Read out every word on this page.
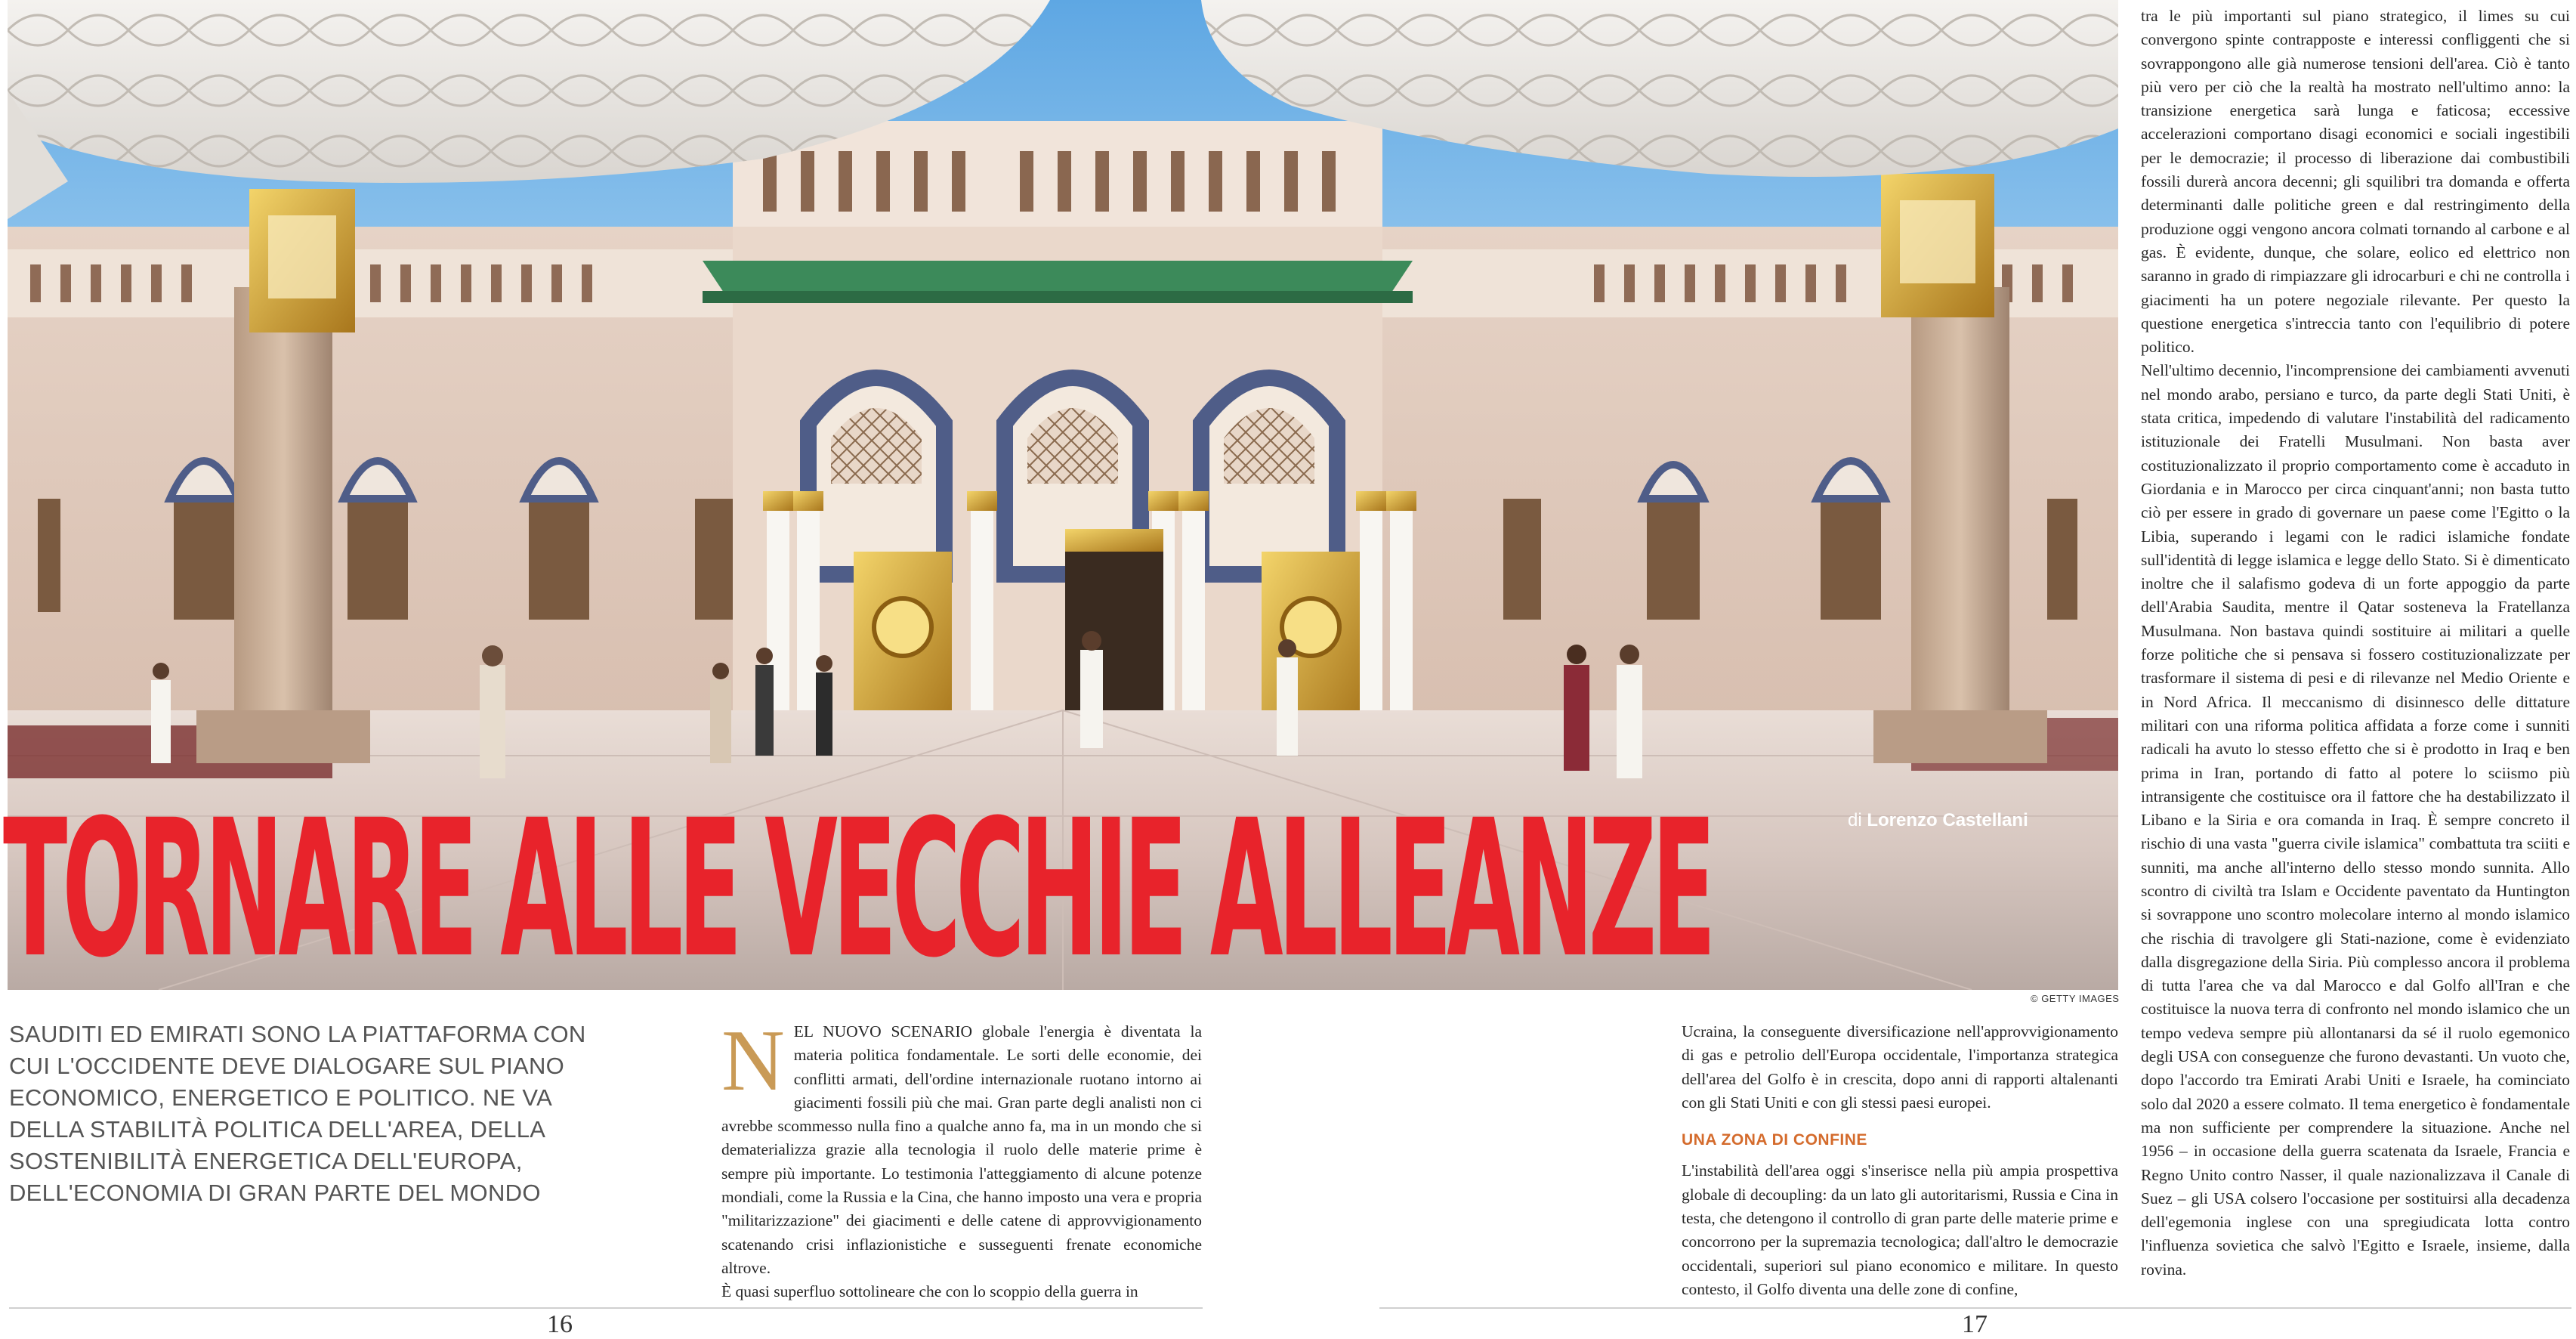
© GETTY IMAGES
TORNARE ALLE VECCHIE ALLEANZE	di Lorenzo Castellani
SAUDITI ED EMIRATI SONO LA PIATTAFORMA CON CUI L'OCCIDENTE DEVE DIALOGARE SUL PIANO ECONOMICO, ENERGETICO E POLITICO. NE VA DELLA STABILITÀ POLITICA DELL'AREA, DELLA SOSTENIBILITÀ ENERGETICA DELL'EUROPA, DELL'ECONOMIA DI GRAN PARTE DEL MONDO
N EL NUOVO SCENARIO globale l'energia è diventata la materia politica fondamentale. Le sorti delle economie, dei conflitti armati, dell'ordine internazionale ruotano intorno ai giacimenti fossili più che mai. Gran parte degli analisti non ci avrebbe scommesso nulla fino a qualche anno fa, ma in un mondo che si dematerializza grazie alla tecnologia il ruolo delle materie prime è sempre più importante. Lo testimonia l'atteggiamento di alcune potenze mondiali, come la Russia e la Cina, che hanno imposto una vera e propria "militarizzazione" dei giacimenti e delle catene di approvvigionamento scatenando crisi inflazionistiche e susseguenti frenate economiche altrove.

È quasi superfluo sottolineare che con lo scoppio della guerra in

Ucraina, la conseguente diversificazione nell'approvvigionamento di gas e petrolio dell'Europa occidentale, l'importanza strategica dell'area del Golfo è in crescita, dopo anni di rapporti altalenanti con gli Stati Uniti e con gli stessi paesi europei.

UNA ZONA DI CONFINE

L'instabilità dell'area oggi s'inserisce nella più ampia prospettiva globale di decoupling: da un lato gli autoritarismi, Russia e Cina in testa, che detengono il controllo di gran parte delle materie prime e concorrono per la supremazia tecnologica; dall'altro le democrazie occidentali, superiori sul piano economico e militare. In questo contesto, il Golfo diventa una delle zone di confine,

tra le più importanti sul piano strategico, il limes su cui convergono spinte contrapposte e interessi confliggenti che si sovrappongono alle già numerose tensioni dell'area. Ciò è tanto più vero per ciò che la realtà ha mostrato nell'ultimo anno: la transizione energetica sarà lunga e faticosa; eccessive accelerazioni comportano disagi economici e sociali ingestibili per le democrazie; il processo di liberazione dai combustibili fossili durerà ancora decenni; gli squilibri tra domanda e offerta determinanti dalle politiche green e dal restringimento della produzione oggi vengono ancora colmati tornando al carbone e al gas. È evidente, dunque, che solare, eolico ed elettrico non saranno in grado di rimpiazzare gli idrocarburi e chi ne controlla i giacimenti ha un potere negoziale rilevante. Per questo la questione energetica s'intreccia tanto con l'equilibrio di potere politico.

Nell'ultimo decennio, l'incomprensione dei cambiamenti avvenuti nel mondo arabo, persiano e turco, da parte degli Stati Uniti, è stata critica, impedendo di valutare l'instabilità del radicamento istituzionale dei Fratelli Musulmani. Non basta aver costituzionalizzato il proprio comportamento come è accaduto in Giordania e in Marocco per circa cinquant'anni; non basta tutto ciò per essere in grado di governare un paese come l'Egitto o la Libia, superando i legami con le radici islamiche fondate sull'identità di legge islamica e legge dello Stato. Si è dimenticato inoltre che il salafismo godeva di un forte appoggio da parte dell'Arabia Saudita, mentre il Qatar sosteneva la Fratellanza Musulmana. Non bastava quindi sostituire ai militari a quelle forze politiche che si pensava si fossero costituzionalizzate per trasformare il sistema di pesi e di rilevanze nel Medio Oriente e in Nord Africa. Il meccanismo di disinnesco delle dittature militari con una riforma politica affidata a forze come i sunniti radicali ha avuto lo stesso effetto che si è prodotto in Iraq e ben prima in Iran, portando di fatto al potere lo sciismo più intransigente che costituisce ora il fattore che ha destabilizzato il Libano e la Siria e ora comanda in Iraq. È sempre concreto il rischio di una vasta "guerra civile islamica" combattuta tra sciiti e sunniti, ma anche all'interno dello stesso mondo sunnita. Allo scontro di civiltà tra Islam e Occidente paventato da Huntington si sovrappone uno scontro molecolare interno al mondo islamico che rischia di travolgere gli Stati-nazione, come è evidenziato dalla disgregazione della Siria. Più complesso ancora il problema di tutta l'area che va dal Marocco e dal Golfo all'Iran e che costituisce la nuova terra di confronto nel mondo islamico che un tempo vedeva sempre più allontanarsi da sé il ruolo egemonico degli USA con conseguenze che furono devastanti. Un vuoto che, dopo l'accordo tra Emirati Arabi Uniti e Israele, ha cominciato solo dal 2020 a essere colmato. Il tema energetico è fondamentale ma non sufficiente per comprendere la situazione. Anche nel 1956 – in occasione della guerra scatenata da Israele, Francia e Regno Unito contro Nasser, il quale nazionalizzava il Canale di Suez – gli USA colsero l'occasione per sostituirsi alla decadenza dell'egemonia inglese con una spregiudicata lotta contro l'influenza sovietica che salvò l'Egitto e Israele, insieme, dalla rovina.

16	17
